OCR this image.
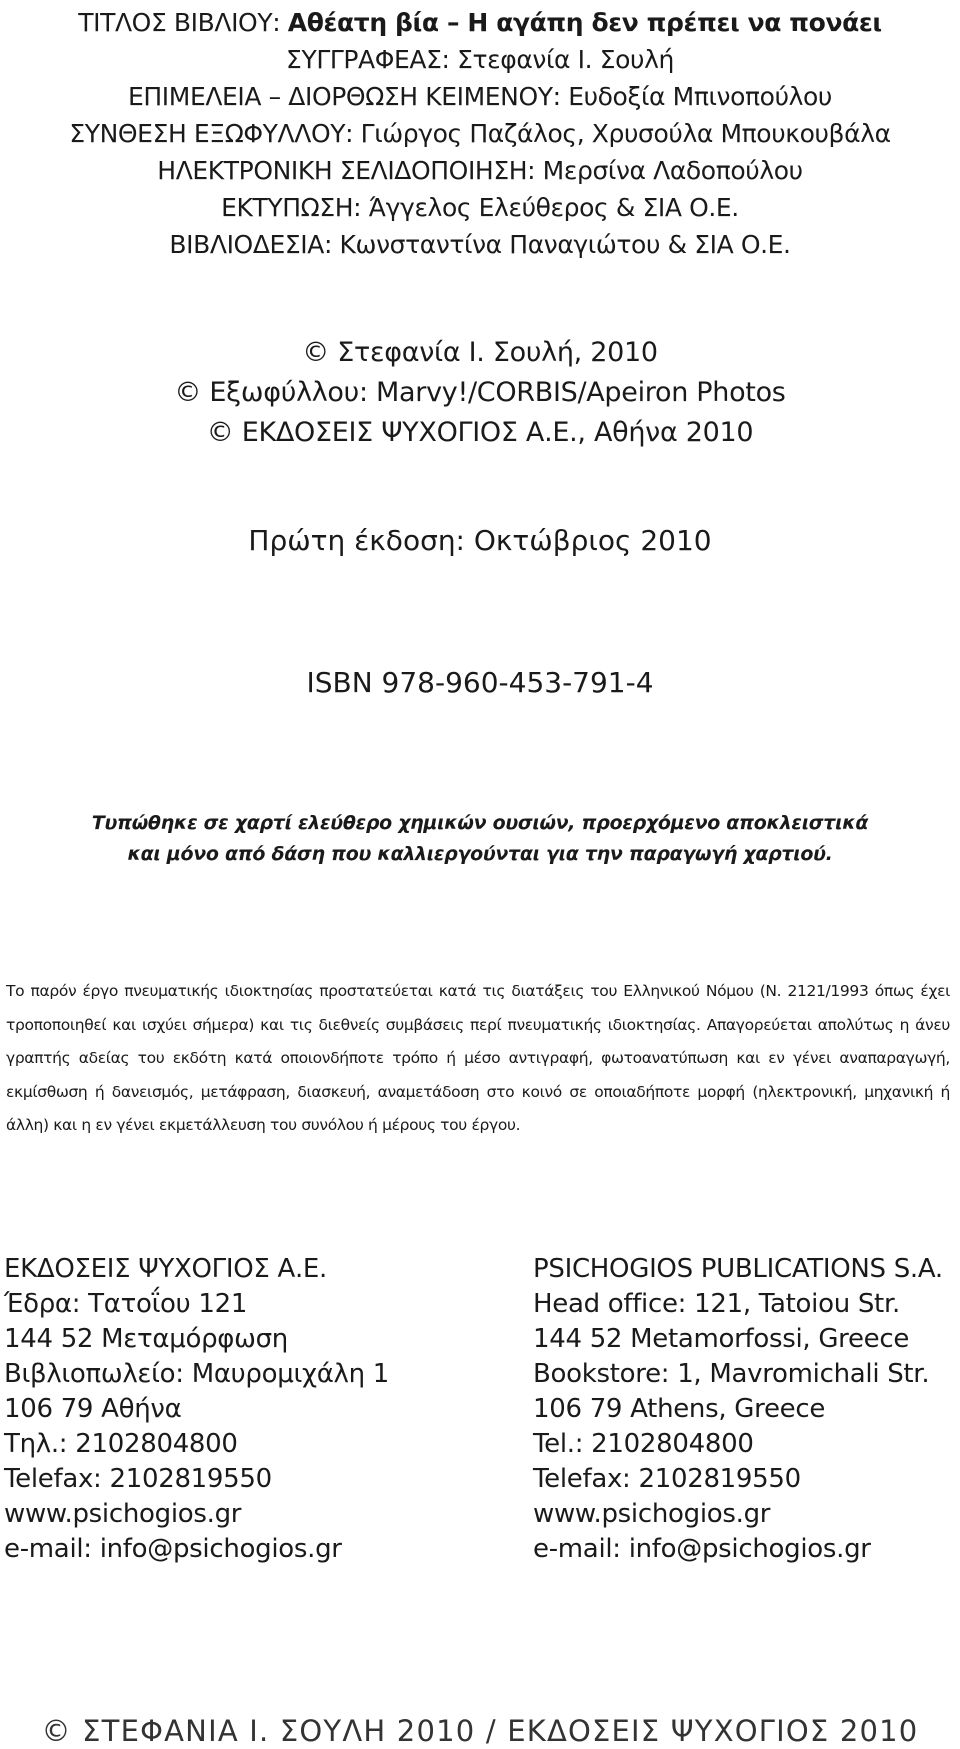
ΤΙΤΛΟΣ ΒΙΒΛΙΟΥ: Αθέατη βία – Η αγάπη δεν πρέπει να πονάει
ΣΥΓΓΡΑΦΕΑΣ: Στεφανία Ι. Σουλή
ΕΠΙΜΕΛΕΙΑ – ΔΙΟΡΘΩΣΗ ΚΕΙΜΕΝΟΥ: Ευδοξία Μπινοπούλου
ΣΥΝΘΕΣΗ ΕΞΩΦΥΛΛΟΥ: Γιώργος Παζάλος, Χρυσούλα Μπουκουβάλα
ΗΛΕΚΤΡΟΝΙΚΗ ΣΕΛΙΔΟΠΟΙΗΣΗ: Μερσίνα Λαδοπούλου
ΕΚΤΥΠΩΣΗ: Άγγελος Ελεύθερος & ΣΙΑ Ο.Ε.
ΒΙΒΛΙΟΔΕΣΙΑ: Κωνσταντίνα Παναγιώτου & ΣΙΑ Ο.Ε.
© Στεφανία Ι. Σουλή, 2010
© Εξωφύλλου: Marvy!/CORBIS/Apeiron Photos
© ΕΚΔΟΣΕΙΣ ΨΥΧΟΓΙΟΣ Α.Ε., Αθήνα 2010
Πρώτη έκδοση: Οκτώβριος 2010
ISBN 978-960-453-791-4
Τυπώθηκε σε χαρτί ελεύθερο χημικών ουσιών, προερχόμενο αποκλειστικά
και μόνο από δάση που καλλιεργούνται για την παραγωγή χαρτιού.
Το παρόν έργο πνευματικής ιδιοκτησίας προστατεύεται κατά τις διατάξεις του Ελληνικού Νόμου (Ν. 2121/1993 όπως έχει τροποποιηθεί και ισχύει σήμερα) και τις διεθνείς συμβάσεις περί πνευματικής ιδιοκτησίας. Απαγορεύεται απολύτως η άνευ γραπτής αδείας του εκδότη κατά οποιονδήποτε τρόπο ή μέσο αντιγραφή, φωτοανατύπωση και εν γένει αναπαραγωγή, εκμίσθωση ή δανεισμός, μετάφραση, διασκευή, αναμετάδοση στο κοινό σε οποιαδήποτε μορφή (ηλεκτρονική, μηχανική ή άλλη) και η εν γένει εκμετάλλευση του συνόλου ή μέρους του έργου.
ΕΚΔΟΣΕΙΣ ΨΥΧΟΓΙΟΣ Α.Ε.
Έδρα: Τατοΐου 121
144 52 Μεταμόρφωση
Βιβλιοπωλείο: Μαυρομιχάλη 1
106 79 Αθήνα
Τηλ.: 2102804800
Telefax: 2102819550
www.psichogios.gr
e-mail: info@psichogios.gr
PSICHOGIOS PUBLICATIONS S.A.
Head office: 121, Tatoiou Str.
144 52 Metamorfossi, Greece
Bookstore: 1, Mavromichali Str.
106 79 Athens, Greece
Tel.: 2102804800
Telefax: 2102819550
www.psichogios.gr
e-mail: info@psichogios.gr
© ΣΤΕΦΑΝΙΑ Ι. ΣΟΥΛΗ 2010 / ΕΚΔΟΣΕΙΣ ΨΥΧΟΓΙΟΣ 2010
